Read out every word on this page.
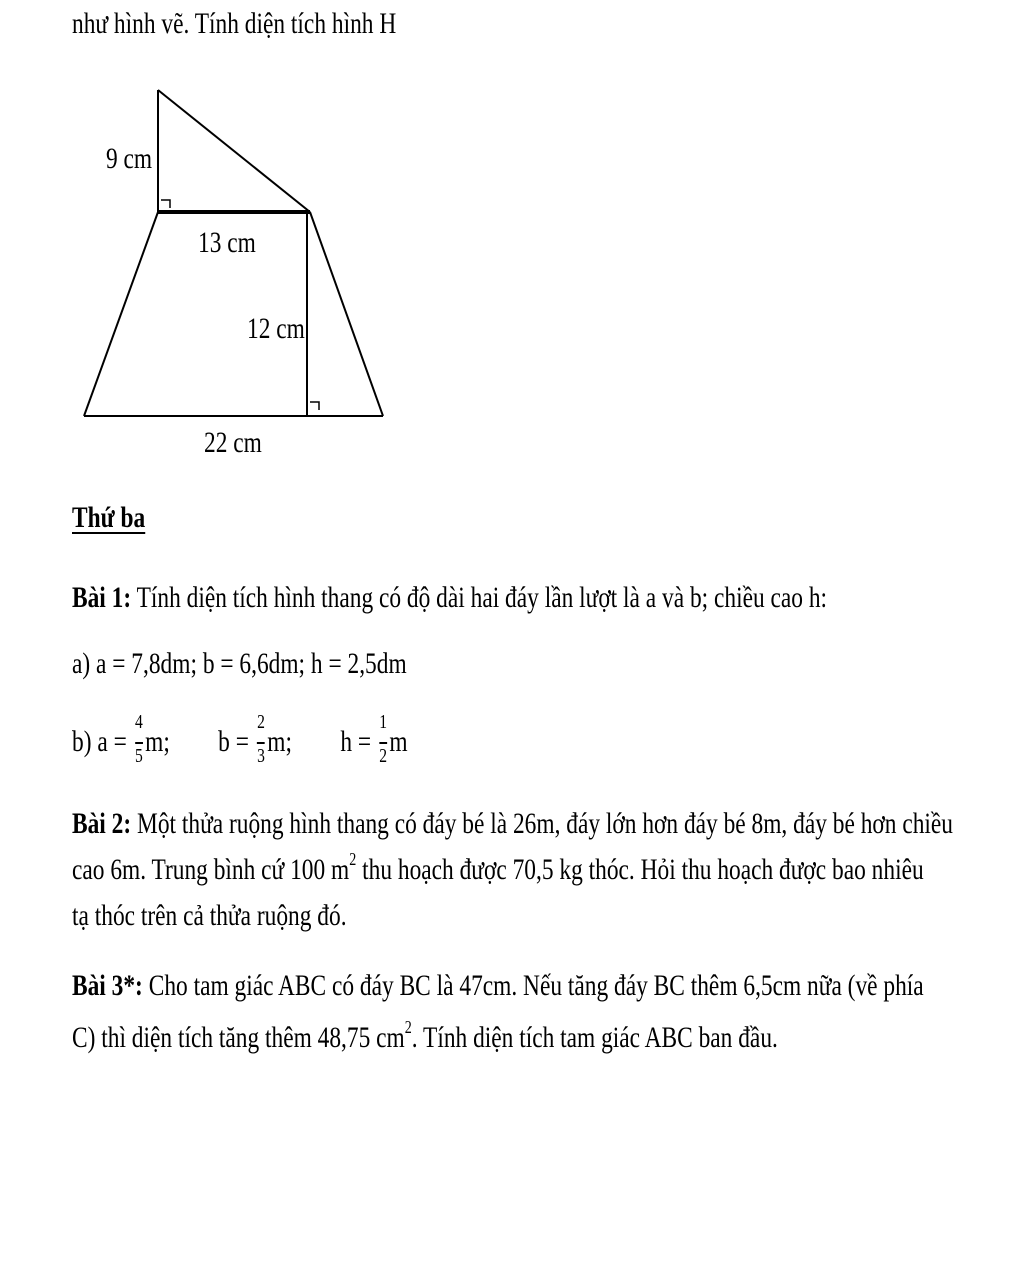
như hình vẽ. Tính diện tích hình H
9 cm
13 cm
12 cm
22 cm
Thứ ba
Bài 1: Tính diện tích hình thang có độ dài hai đáy lần lượt là a và b; chiều cao h:
a) a = 7,8dm; b = 6,6dm; h = 2,5dm
b) $a = \frac{4}{5} m$; $b = \frac{2}{3} m$; $h = \frac{1}{2}$ m
Bài 2: Một thửa ruộng hình thang có đáy bé là 26m, đáy lớn hơn đáy bé 8m, đáy bé hơn chiều
cao 6m. Trung bình cứ 100 $m^2$ thu hoạch được 70,5 kg thóc. Hỏi thu hoạch được bao nhiêu
tạ thóc trên cả thửa ruộng đó.
Bài 3*: Cho tam giác ABC có đáy BC là 47cm. Nếu tăng đáy BC thêm 6,5cm nữa (về phía
C) thì diện tích tăng thêm 48,75 $cm^2$. Tính diện tích tam giác ABC ban đầu.
